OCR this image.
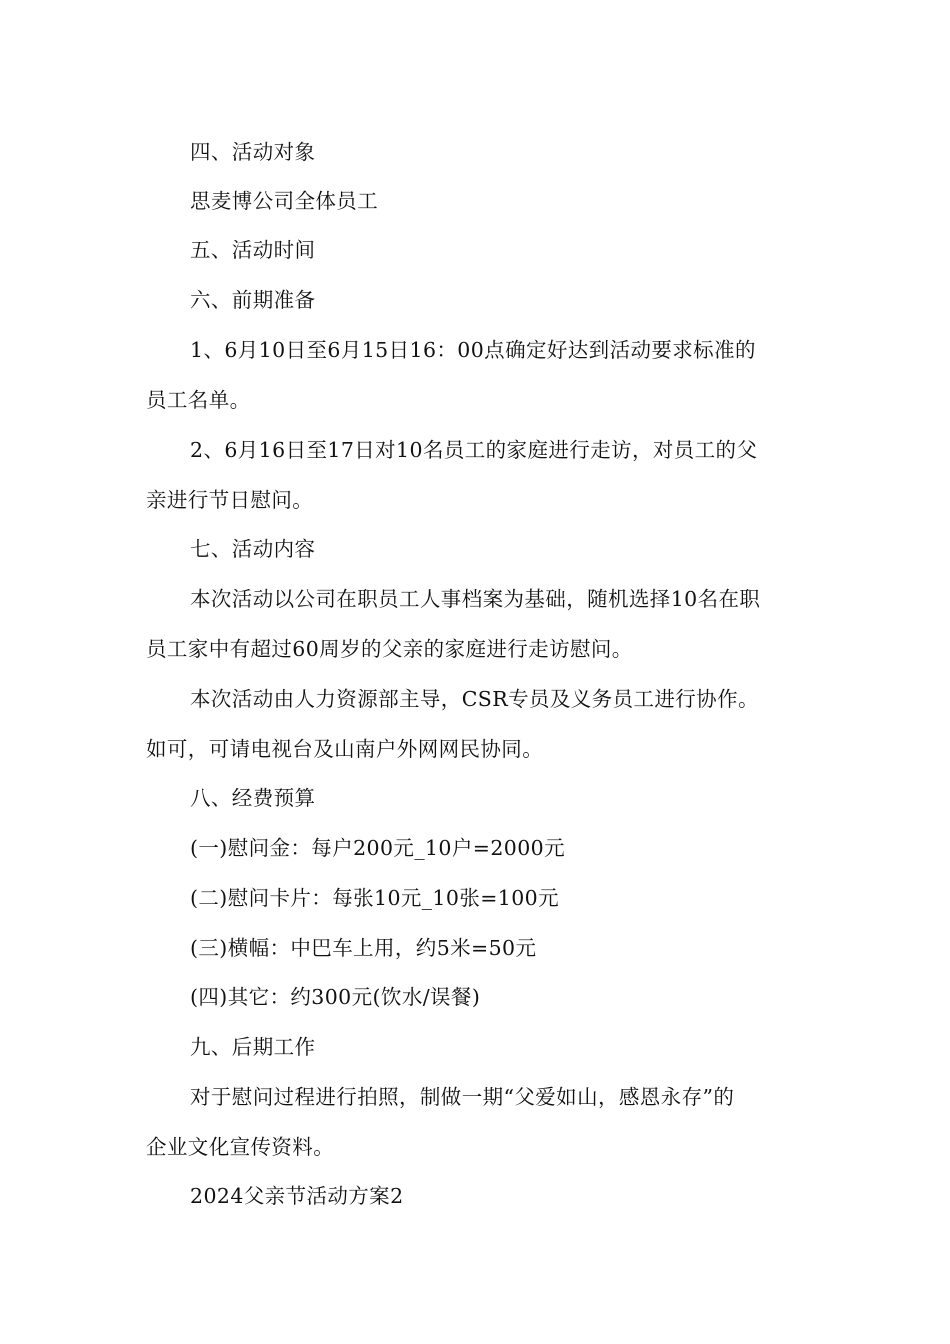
四、活动对象
思麦博公司全体员工
五、活动时间
六、前期准备
1、6月10日至6月15日16：00点确定好达到活动要求标准的
员工名单。
2、6月16日至17日对10名员工的家庭进行走访，对员工的父
亲进行节日慰问。
七、活动内容
本次活动以公司在职员工人事档案为基础，随机选择10名在职
员工家中有超过60周岁的父亲的家庭进行走访慰问。
本次活动由人力资源部主导，CSR专员及义务员工进行协作。
如可，可请电视台及山南户外网网民协同。
八、经费预算
(一)慰问金：每户200元_10户=2000元
(二)慰问卡片：每张10元_10张=100元
(三)横幅：中巴车上用，约5米=50元
(四)其它：约300元(饮水/误餐)
九、后期工作
对于慰问过程进行拍照，制做一期“父爱如山，感恩永存”的
企业文化宣传资料。
2024父亲节活动方案2
